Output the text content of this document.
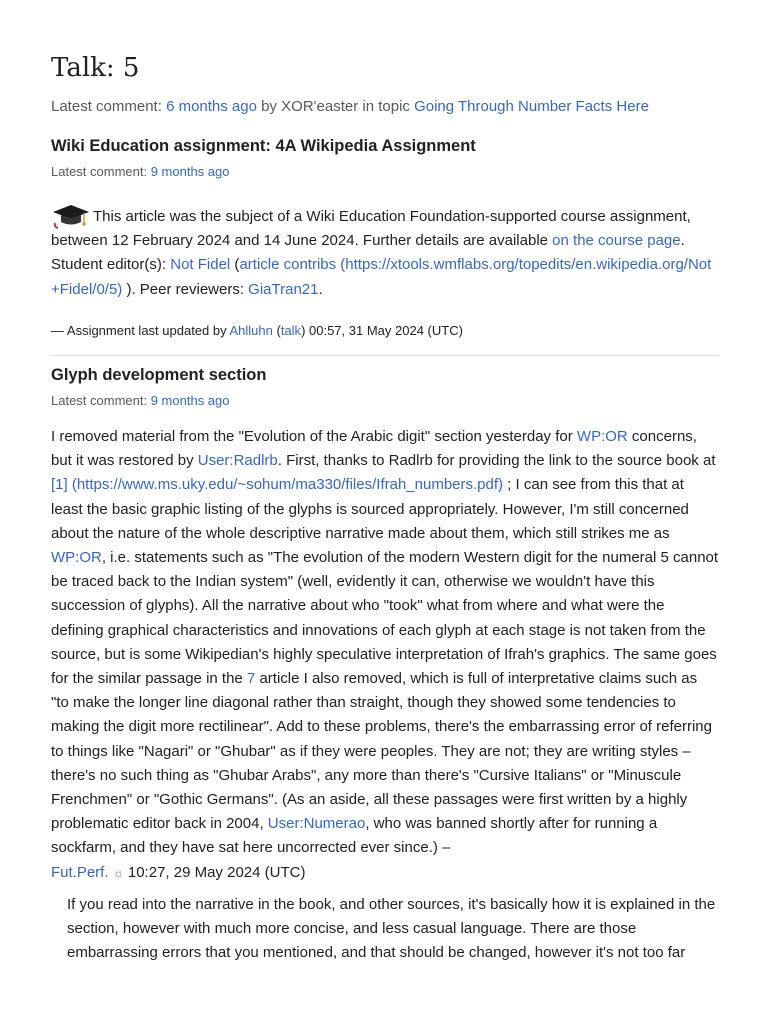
Talk: 5
Latest comment: 6 months ago by XOR'easter in topic Going Through Number Facts Here
Wiki Education assignment: 4A Wikipedia Assignment
Latest comment: 9 months ago

This article was the subject of a Wiki Education Foundation-supported course assignment, between 12 February 2024 and 14 June 2024. Further details are available on the course page. Student editor(s): Not Fidel (article contribs (https://xtools.wmflabs.org/topedits/en.wikipedia.org/Not+Fidel/0/5) ). Peer reviewers: GiaTran21.

— Assignment last updated by Ahlluhn (talk) 00:57, 31 May 2024 (UTC)
Glyph development section
Latest comment: 9 months ago

I removed material from the "Evolution of the Arabic digit" section yesterday for WP:OR concerns, but it was restored by User:Radlrb. First, thanks to Radlrb for providing the link to the source book at [1] (https://www.ms.uky.edu/~sohum/ma330/files/Ifrah_numbers.pdf) ; I can see from this that at least the basic graphic listing of the glyphs is sourced appropriately. However, I'm still concerned about the nature of the whole descriptive narrative made about them, which still strikes me as WP:OR, i.e. statements such as "The evolution of the modern Western digit for the numeral 5 cannot be traced back to the Indian system" (well, evidently it can, otherwise we wouldn't have this succession of glyphs). All the narrative about who "took" what from where and what were the defining graphical characteristics and innovations of each glyph at each stage is not taken from the source, but is some Wikipedian's highly speculative interpretation of Ifrah's graphics. The same goes for the similar passage in the 7 article I also removed, which is full of interpretative claims such as "to make the longer line diagonal rather than straight, though they showed some tendencies to making the digit more rectilinear". Add to these problems, there's the embarrassing error of referring to things like "Nagari" or "Ghubar" as if they were peoples. They are not; they are writing styles – there's no such thing as "Ghubar Arabs", any more than there's "Cursive Italians" or "Minuscule Frenchmen" or "Gothic Germans". (As an aside, all these passages were first written by a highly problematic editor back in 2004, User:Numerao, who was banned shortly after for running a sockfarm, and they have sat here uncorrected ever since.) –
Fut.Perf. ☼ 10:27, 29 May 2024 (UTC)

If you read into the narrative in the book, and other sources, it's basically how it is explained in the section, however with much more concise, and less casual language. There are those embarrassing errors that you mentioned, and that should be changed, however it's not too far
